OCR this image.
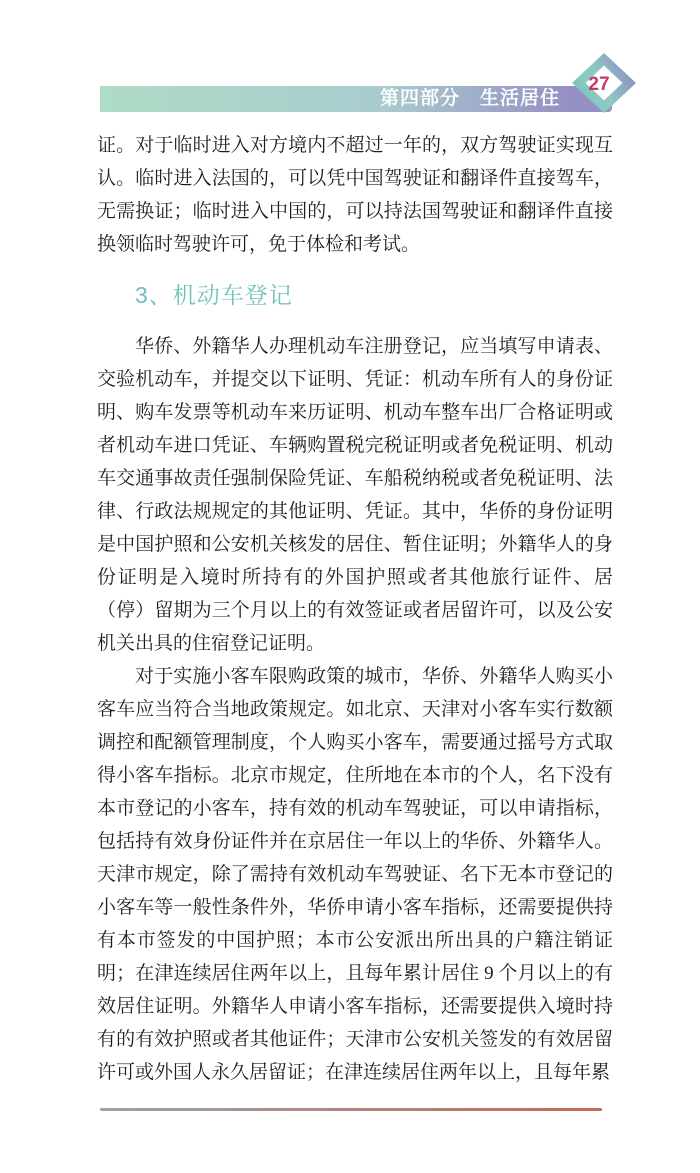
第四部分 生活居住
27

证。对于临时进入对方境内不超过一年的，双方驾驶证实现互认。临时进入法国的，可以凭中国驾驶证和翻译件直接驾车，无需换证；临时进入中国的，可以持法国驾驶证和翻译件直接换领临时驾驶许可，免于体检和考试。

3、机动车登记

华侨、外籍华人办理机动车注册登记，应当填写申请表、交验机动车，并提交以下证明、凭证：机动车所有人的身份证明、购车发票等机动车来历证明、机动车整车出厂合格证明或者机动车进口凭证、车辆购置税完税证明或者免税证明、机动车交通事故责任强制保险凭证、车船税纳税或者免税证明、法律、行政法规规定的其他证明、凭证。其中，华侨的身份证明是中国护照和公安机关核发的居住、暂住证明；外籍华人的身份证明是入境时所持有的外国护照或者其他旅行证件、居（停）留期为三个月以上的有效签证或者居留许可，以及公安机关出具的住宿登记证明。

对于实施小客车限购政策的城市，华侨、外籍华人购买小客车应当符合当地政策规定。如北京、天津对小客车实行数额调控和配额管理制度，个人购买小客车，需要通过摇号方式取得小客车指标。北京市规定，住所地在本市的个人，名下没有本市登记的小客车，持有效的机动车驾驶证，可以申请指标，包括持有效身份证件并在京居住一年以上的华侨、外籍华人。天津市规定，除了需持有效机动车驾驶证、名下无本市登记的小客车等一般性条件外，华侨申请小客车指标，还需要提供持有本市签发的中国护照；本市公安派出所出具的户籍注销证明；在津连续居住两年以上，且每年累计居住 9 个月以上的有效居住证明。外籍华人申请小客车指标，还需要提供入境时持有的有效护照或者其他证件；天津市公安机关签发的有效居留许可或外国人永久居留证；在津连续居住两年以上，且每年累
